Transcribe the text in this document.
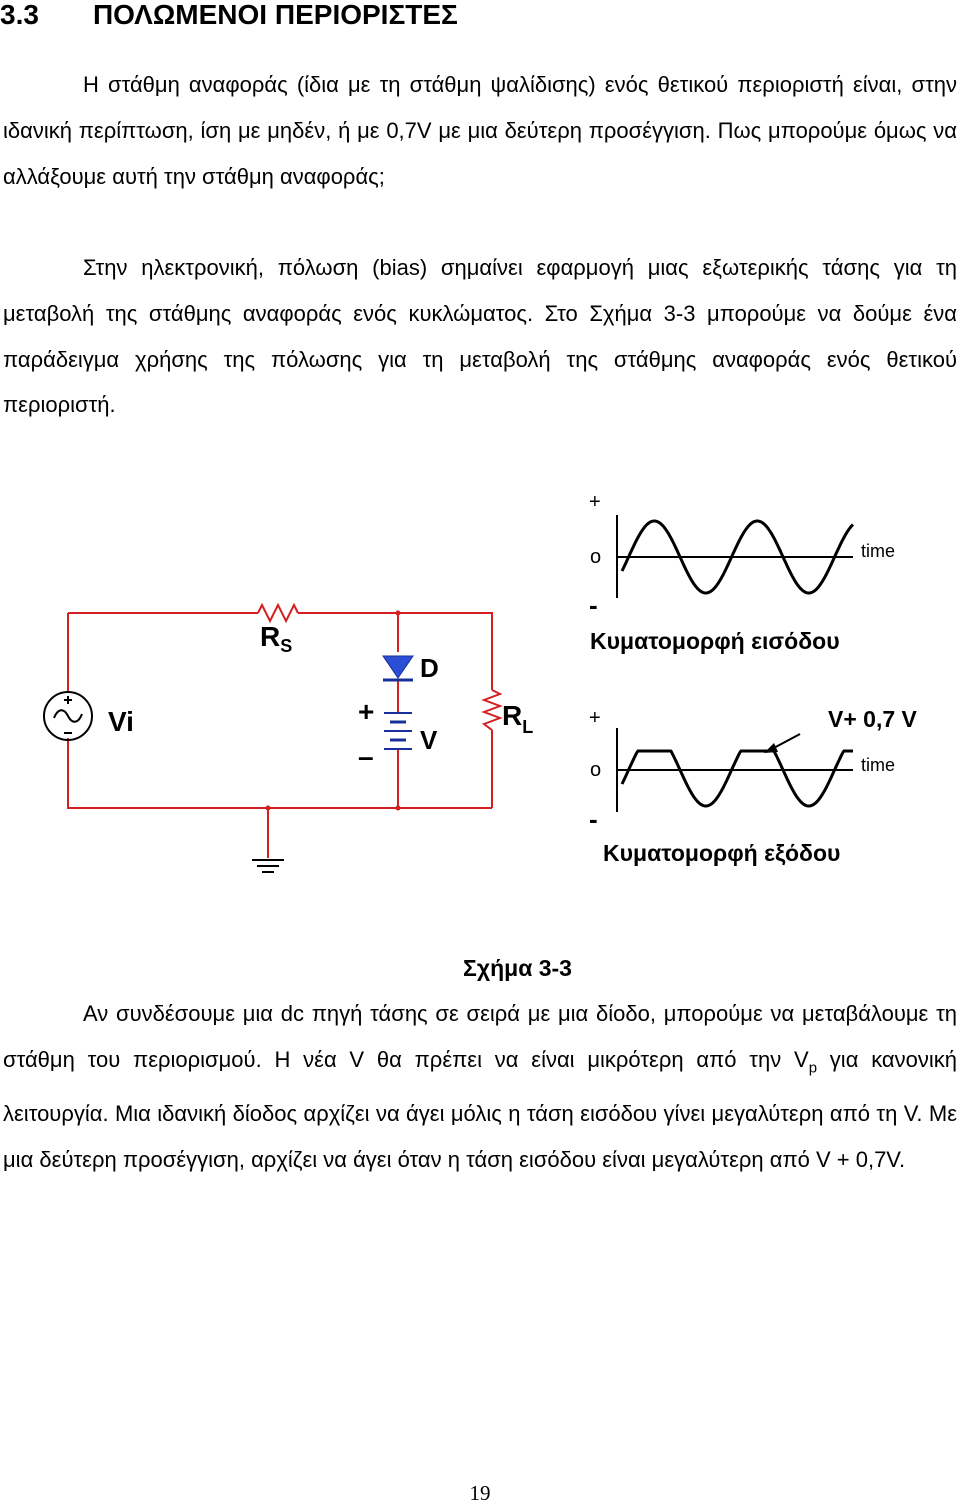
3.3 ΠΟΛΩΜΕΝΟΙ ΠΕΡΙΟΡΙΣΤΕΣ

Η στάθμη αναφοράς (ίδια με τη στάθμη ψαλίδισης) ενός θετικού περιοριστή είναι, στην ιδανική περίπτωση, ίση με μηδέν, ή με 0,7V με μια δεύτερη προσέγγιση. Πως μπορούμε όμως να αλλάξουμε αυτή την στάθμη αναφοράς;

Στην ηλεκτρονική, πόλωση (bias) σημαίνει εφαρμογή μιας εξωτερικής τάσης για τη μεταβολή της στάθμης αναφοράς ενός κυκλώματος. Στο Σχήμα 3-3 μπορούμε να δούμε ένα παράδειγμα χρήσης της πόλωσης για τη μεταβολή της στάθμης αναφοράς ενός θετικού περιοριστή.

Vi
$R_S$
D
+
–
V
$R_L$
+
o
-
time
Κυματομορφή εισόδου
+
o
-
time
V+ 0,7 V
Κυματομορφή εξόδου

Σχήμα 3-3

Αν συνδέσουμε μια dc πηγή τάσης σε σειρά με μια δίοδο, μπορούμε να μεταβάλουμε τη στάθμη του περιορισμού. Η νέα V θα πρέπει να είναι μικρότερη από την $V_p$ για κανονική λειτουργία. Μια ιδανική δίοδος αρχίζει να άγει μόλις η τάση εισόδου γίνει μεγαλύτερη από τη V. Με μια δεύτερη προσέγγιση, αρχίζει να άγει όταν η τάση εισόδου είναι μεγαλύτερη από V + 0,7V.

19
